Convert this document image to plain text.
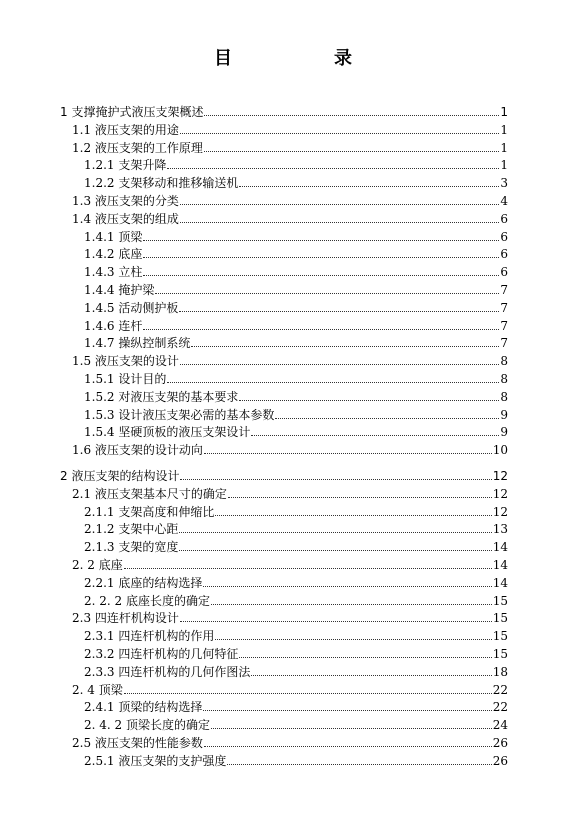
目　　录
1 支撑掩护式液压支架概述	1
1.1 液压支架的用途	1
1.2 液压支架的工作原理	1
1.2.1 支架升降	1
1.2.2 支架移动和推移输送机	3
1.3 液压支架的分类	4
1.4 液压支架的组成	6
1.4.1 顶梁	6
1.4.2 底座	6
1.4.3 立柱	6
1.4.4 掩护梁	7
1.4.5 活动侧护板	7
1.4.6 连杆	7
1.4.7 操纵控制系统	7
1.5 液压支架的设计	8
1.5.1 设计目的	8
1.5.2 对液压支架的基本要求	8
1.5.3 设计液压支架必需的基本参数	9
1.5.4 坚硬顶板的液压支架设计	9
1.6 液压支架的设计动向	10
2 液压支架的结构设计	12
2.1 液压支架基本尺寸的确定	12
2.1.1 支架高度和伸缩比	12
2.1.2 支架中心距	13
2.1.3 支架的宽度	14
2. 2 底座	14
2.2.1 底座的结构选择	14
2. 2. 2 底座长度的确定	15
2.3 四连杆机构设计	15
2.3.1 四连杆机构的作用	15
2.3.2 四连杆机构的几何特征	15
2.3.3 四连杆机构的几何作图法	18
2. 4 顶梁	22
2.4.1 顶梁的结构选择	22
2. 4. 2 顶梁长度的确定	24
2.5 液压支架的性能参数	26
2.5.1 液压支架的支护强度	26
